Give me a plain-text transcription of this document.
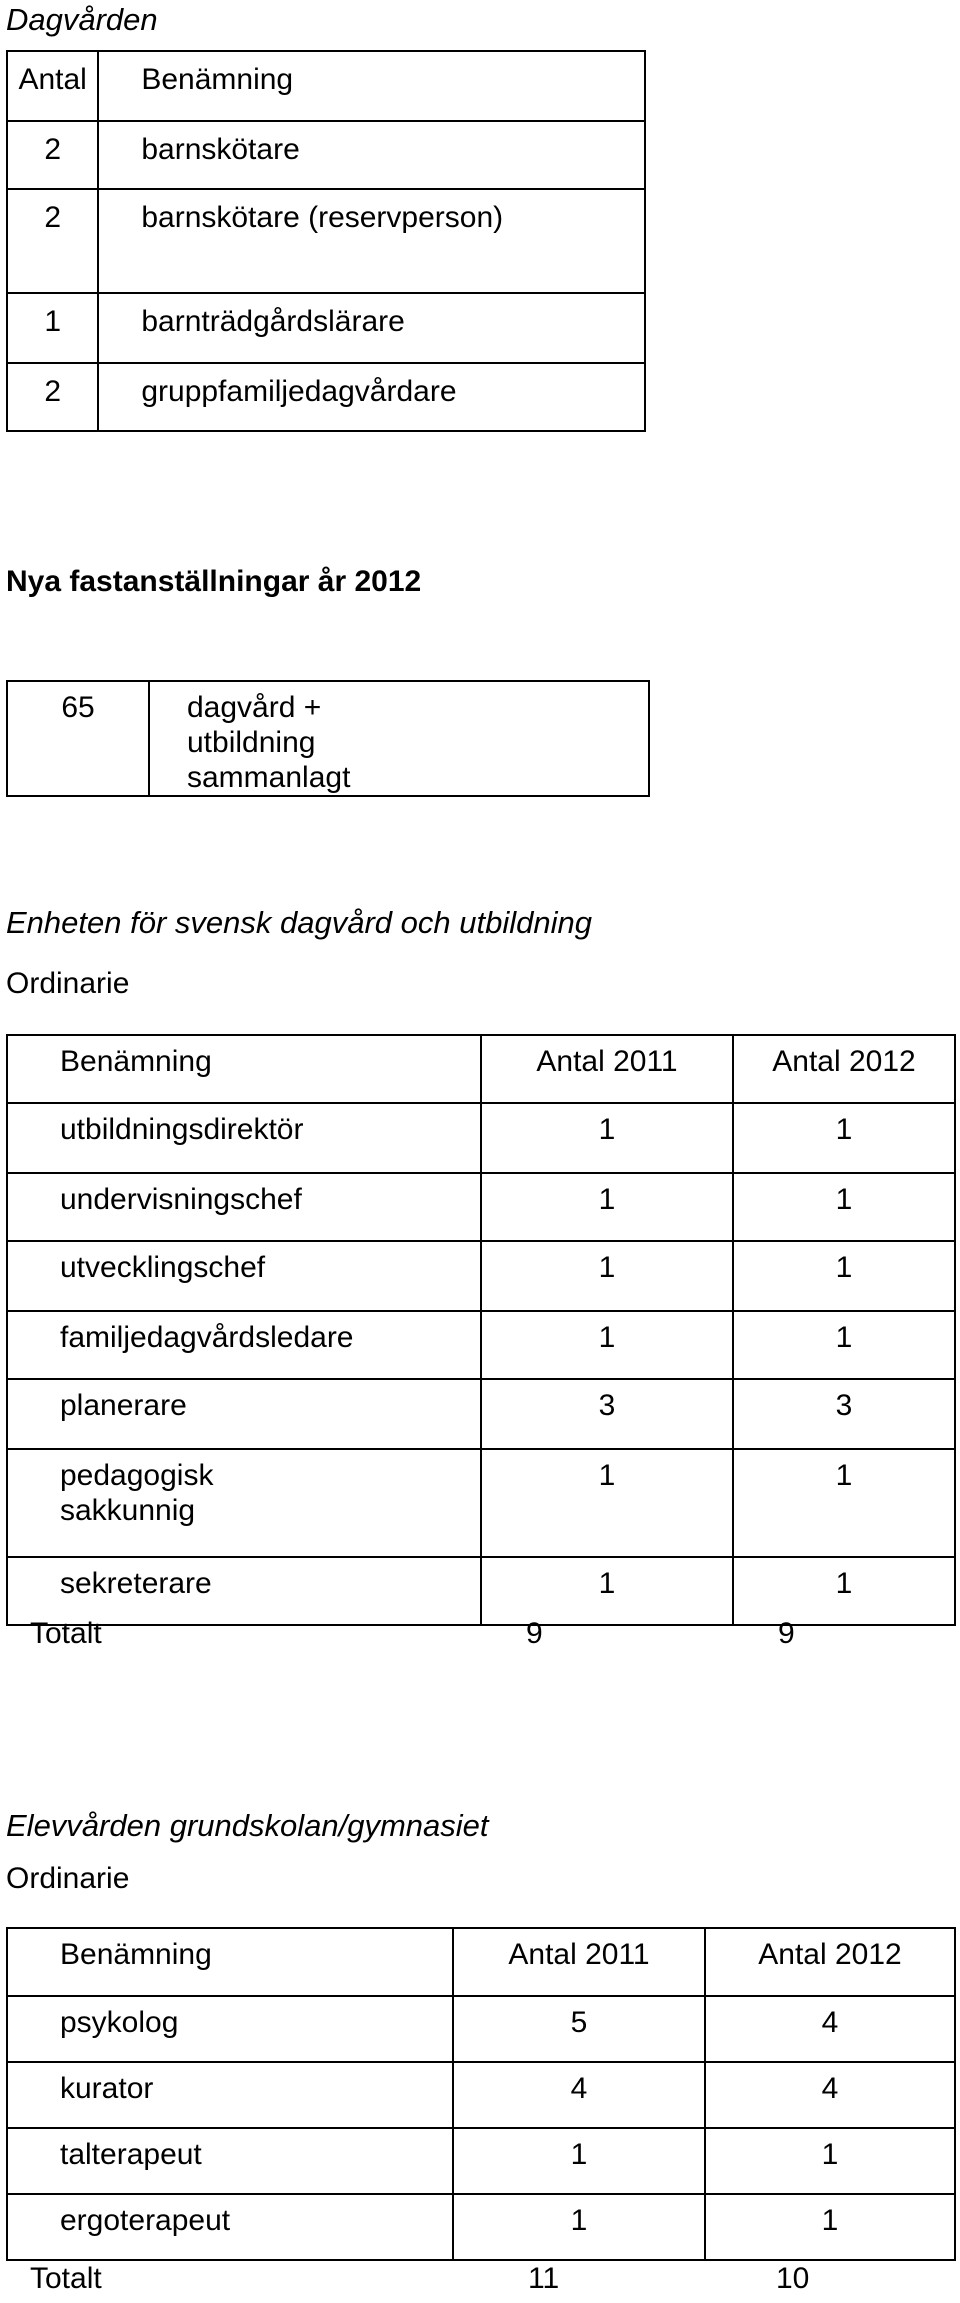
Dagvården
Antal	Benämning
2	barnskötare
2	barnskötare (reservperson)
1	barnträdgårdslärare
2	gruppfamiljedagvårdare
Nya fastanställningar år 2012
65	dagvård + utbildning sammanlagt
Enheten för svensk dagvård och utbildning
Ordinarie
Benämning	Antal 2011	Antal 2012
utbildningsdirektör	1	1
undervisningschef	1	1
utvecklingschef	1	1
familjedagvårdsledare	1	1
planerare	3	3
pedagogisk sakkunnig	1	1
sekreterare	1	1
Totalt	9	9
Elevvården grundskolan/gymnasiet
Ordinarie
Benämning	Antal 2011	Antal 2012
psykolog	5	4
kurator	4	4
talterapeut	1	1
ergoterapeut	1	1
Totalt	11	10
